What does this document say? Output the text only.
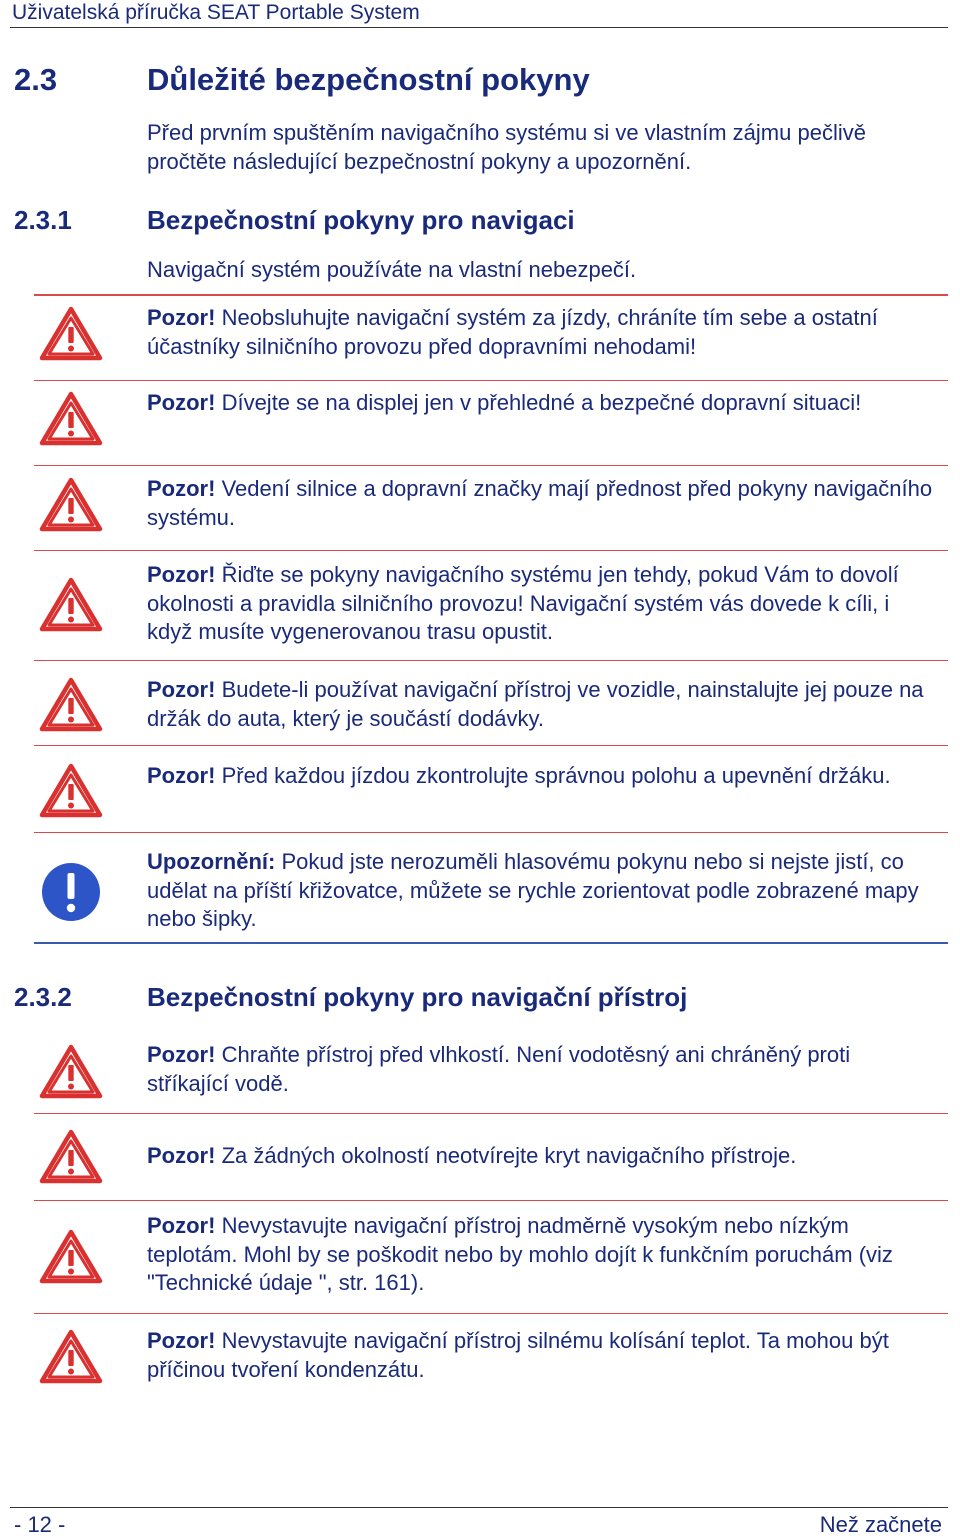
Uživatelská příručka SEAT Portable System
2.3	Důležité bezpečnostní pokyny
Před prvním spuštěním navigačního systému si ve vlastním zájmu pečlivě pročtěte následující bezpečnostní pokyny a upozornění.
2.3.1	Bezpečnostní pokyny pro navigaci
Navigační systém používáte na vlastní nebezpečí.
Pozor! Neobsluhujte navigační systém za jízdy, chráníte tím sebe a ostatní účastníky silničního provozu před dopravními nehodami!
Pozor! Dívejte se na displej jen v přehledné a bezpečné dopravní situaci!
Pozor! Vedení silnice a dopravní značky mají přednost před pokyny navigačního systému.
Pozor! Řiďte se pokyny navigačního systému jen tehdy, pokud Vám to dovolí okolnosti a pravidla silničního provozu! Navigační systém vás dovede k cíli, i když musíte vygenerovanou trasu opustit.
Pozor! Budete-li používat navigační přístroj ve vozidle, nainstalujte jej pouze na držák do auta, který je součástí dodávky.
Pozor! Před každou jízdou zkontrolujte správnou polohu a upevnění držáku.
Upozornění: Pokud jste nerozuměli hlasovému pokynu nebo si nejste jistí, co udělat na příští křižovatce, můžete se rychle zorientovat podle zobrazené mapy nebo šipky.
2.3.2	Bezpečnostní pokyny pro navigační přístroj
Pozor! Chraňte přístroj před vlhkostí. Není vodotěsný ani chráněný proti stříkající vodě.
Pozor! Za žádných okolností neotvírejte kryt navigačního přístroje.
Pozor! Nevystavujte navigační přístroj nadměrně vysokým nebo nízkým teplotám. Mohl by se poškodit nebo by mohlo dojít k funkčním poruchám (viz "Technické údaje ", str. 161).
Pozor! Nevystavujte navigační přístroj silnému kolísání teplot. Ta mohou být příčinou tvoření kondenzátu.
- 12 -	Než začnete
